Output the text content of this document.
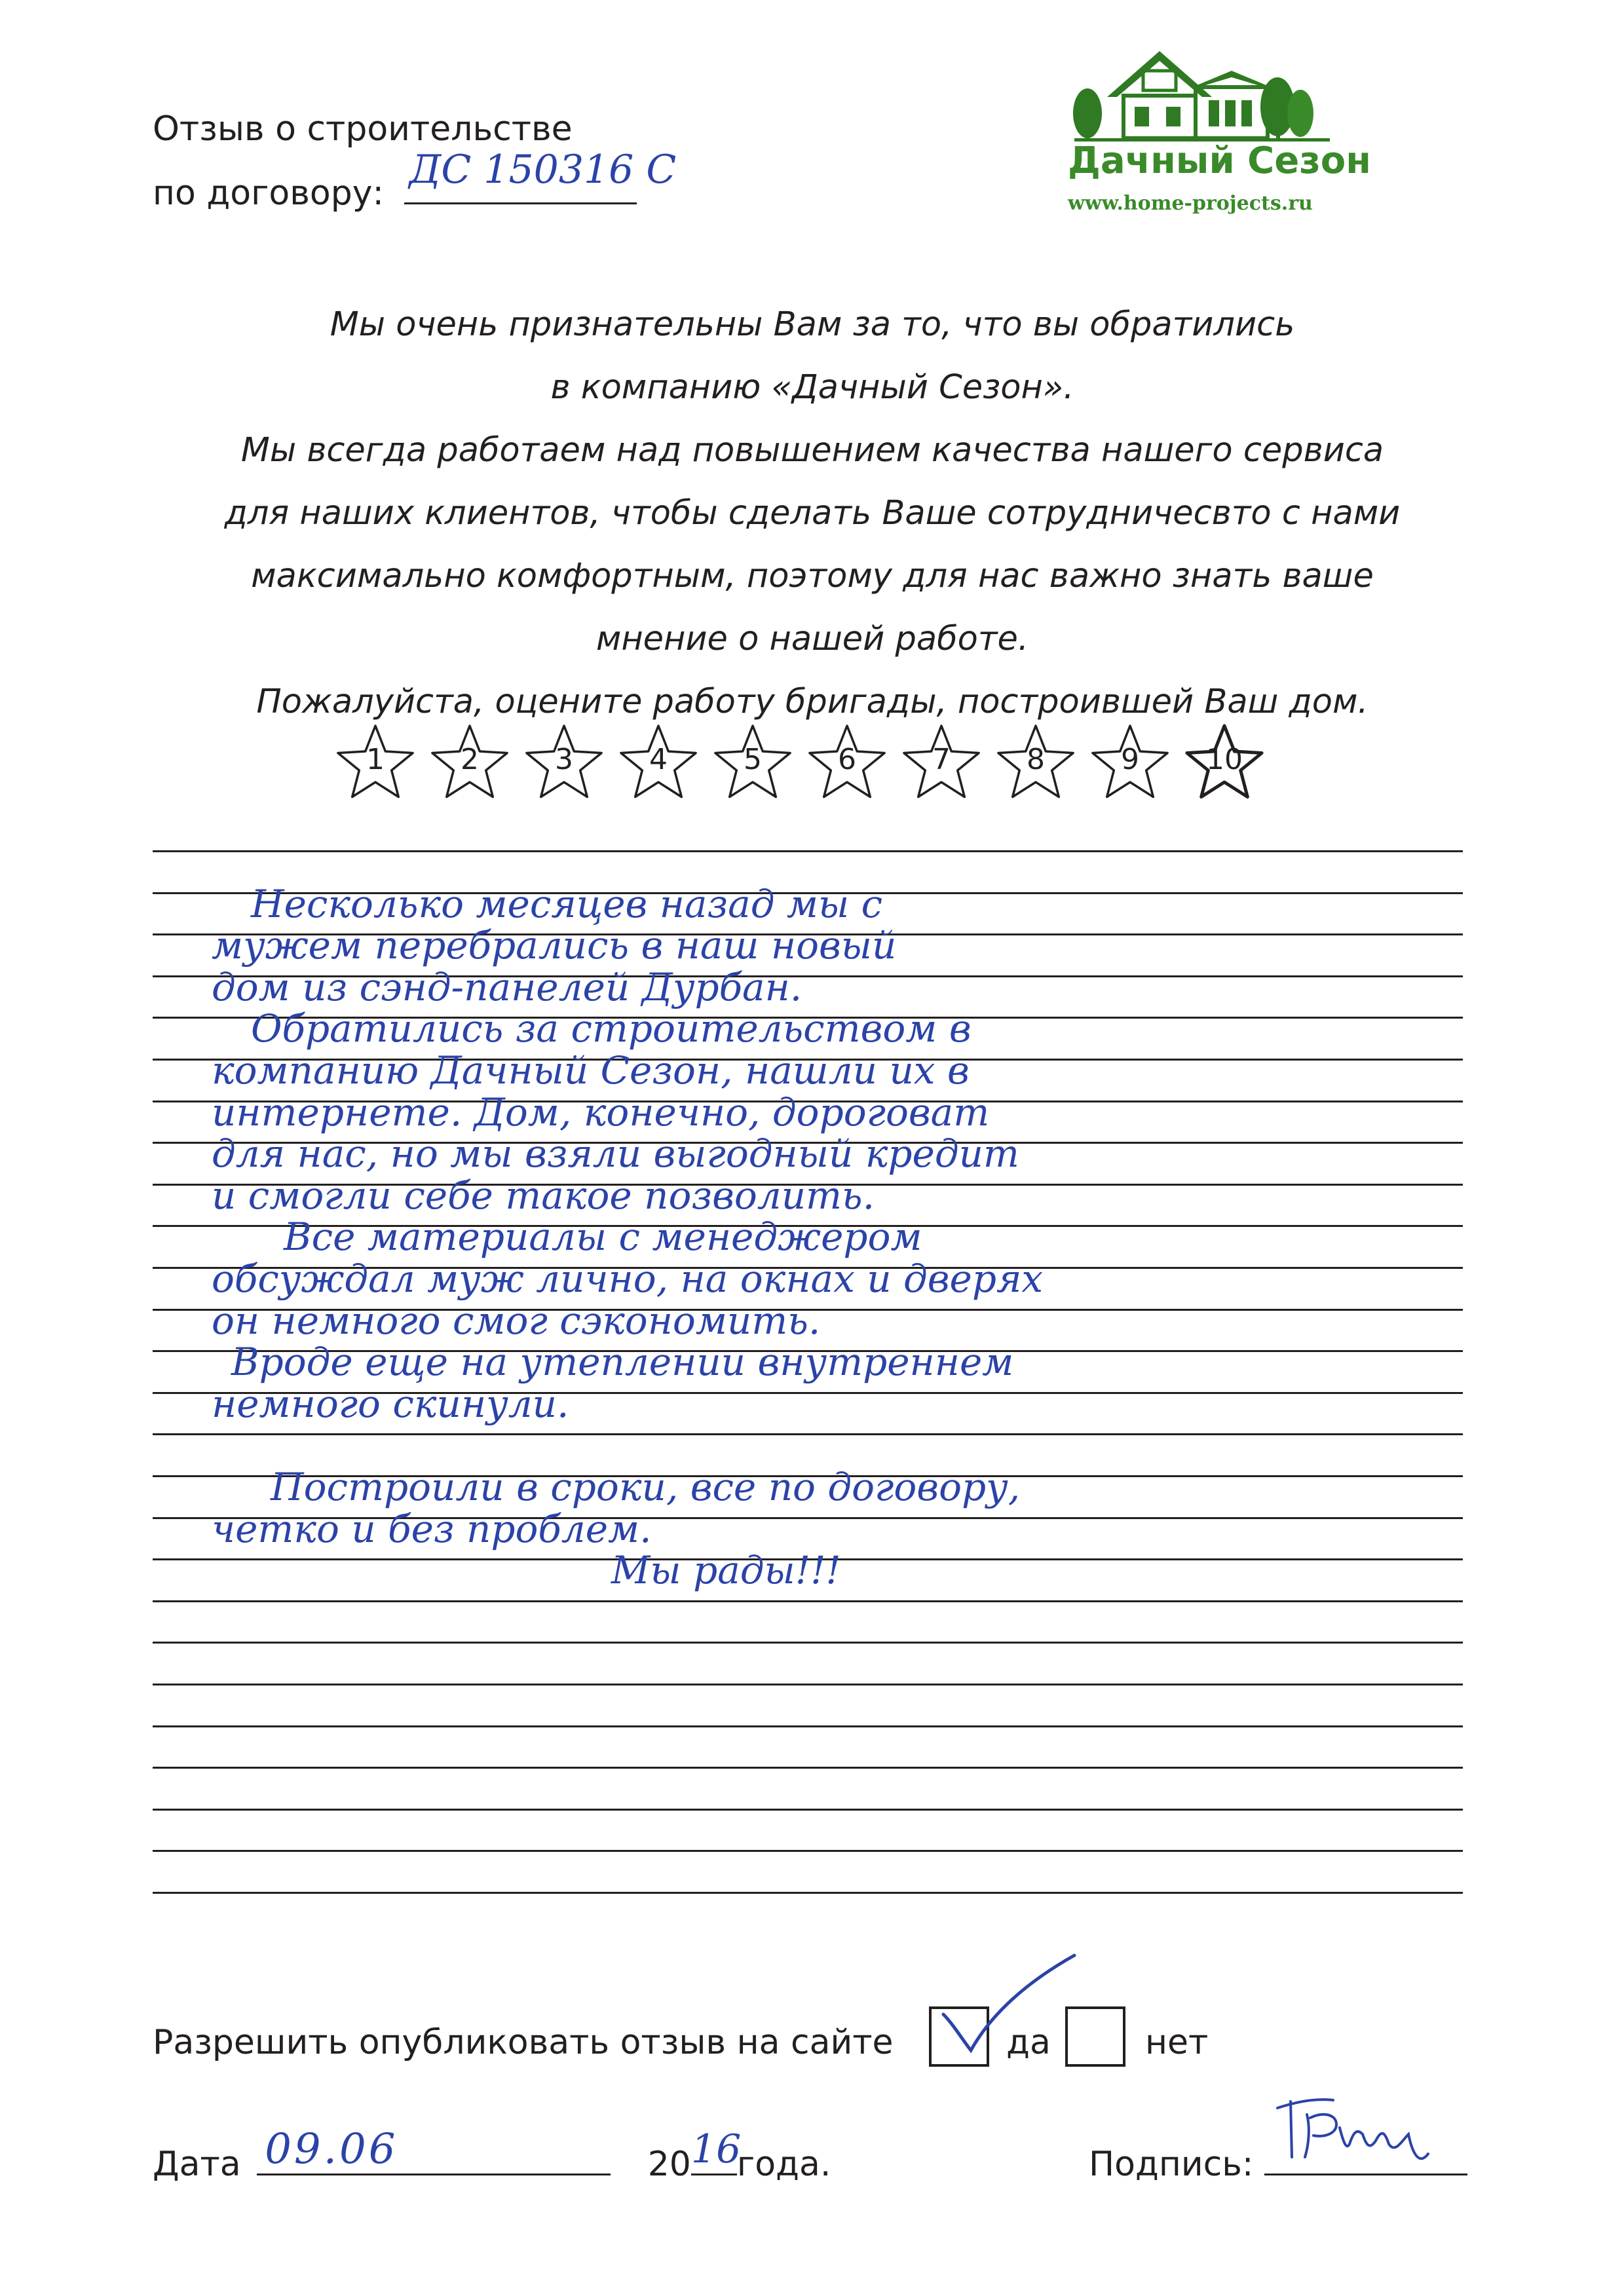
Отзыв о строительстве
по договору:
ДС 150316 С	Дачный Сезон
www.home-projects.ru
Мы очень признательны Вам за то, что вы обратились
в компанию «Дачный Сезон».
Мы всегда работаем над повышением качества нашего сервиса
для наших клиентов, чтобы сделать Ваше сотрудничесвто с нами
максимально комфортным, поэтому для нас важно знать ваше
мнение о нашей работе.
Пожалуйста, оцените работу бригады, построившей Ваш дом.
1	2	3	4	5	6	7	8	9	10
Несколько месяцев назад мы с
мужем перебрались в наш новый
дом из сэнд-панелей Дурбан.
Обратились за строительством в
компанию Дачный Сезон, нашли их в
интернете. Дом, конечно, дороговат
для нас, но мы взяли выгодный кредит
и смогли себе такое позволить.
Все материалы с менеджером
обсуждал муж лично, на окнах и дверях
он немного смог сэкономить.
Вроде еще на утеплении внутреннем
немного скинули.
Построили в сроки, все по договору,
четко и без проблем.
Мы рады!!!
Разрешить опубликовать отзыв на сайте	да	нет
Дата 09.06	20 16
года.	Подпись:
